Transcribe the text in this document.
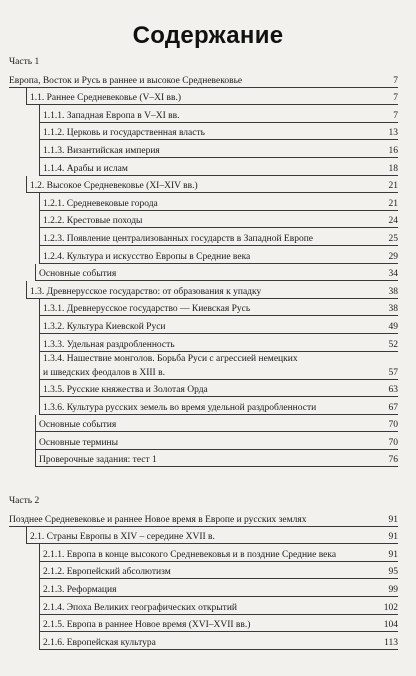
Содержание
Часть 1
Европа, Восток и Русь в раннее и высокое Средневековье	7
1.1. Раннее Средневековье (V–XI вв.)	7
1.1.1. Западная Европа в V–XI вв.	7
1.1.2. Церковь и государственная власть	13
1.1.3. Византийская империя	16
1.1.4. Арабы и ислам	18
1.2. Высокое Средневековье (XI–XIV вв.)	21
1.2.1. Средневековые города	21
1.2.2. Крестовые походы	24
1.2.3. Появление централизованных государств в Западной Европе	25
1.2.4. Культура и искусство Европы в Средние века	29
Основные события	34
1.3. Древнерусское государство: от образования к упадку	38
1.3.1. Древнерусское государство — Киевская Русь	38
1.3.2. Культура Киевской Руси	49
1.3.3. Удельная раздробленность	52
1.3.4. Нашествие монголов. Борьба Руси с агрессией немецких
и шведских феодалов в XIII в.	57
1.3.5. Русские княжества и Золотая Орда	63
1.3.6. Культура русских земель во время удельной раздробленности	67
Основные события	70
Основные термины	70
Проверочные задания: тест 1	76
Часть 2
Позднее Средневековье и раннее Новое время в Европе и русских землях	91
2.1. Страны Европы в XIV – середине XVII в.	91
2.1.1. Европа в конце высокого Средневековья и в поздние Средние века	91
2.1.2. Европейский абсолютизм	95
2.1.3. Реформация	99
2.1.4. Эпоха Великих географических открытий	102
2.1.5. Европа в раннее Новое время (XVI–XVII вв.)	104
2.1.6. Европейская культура	113
